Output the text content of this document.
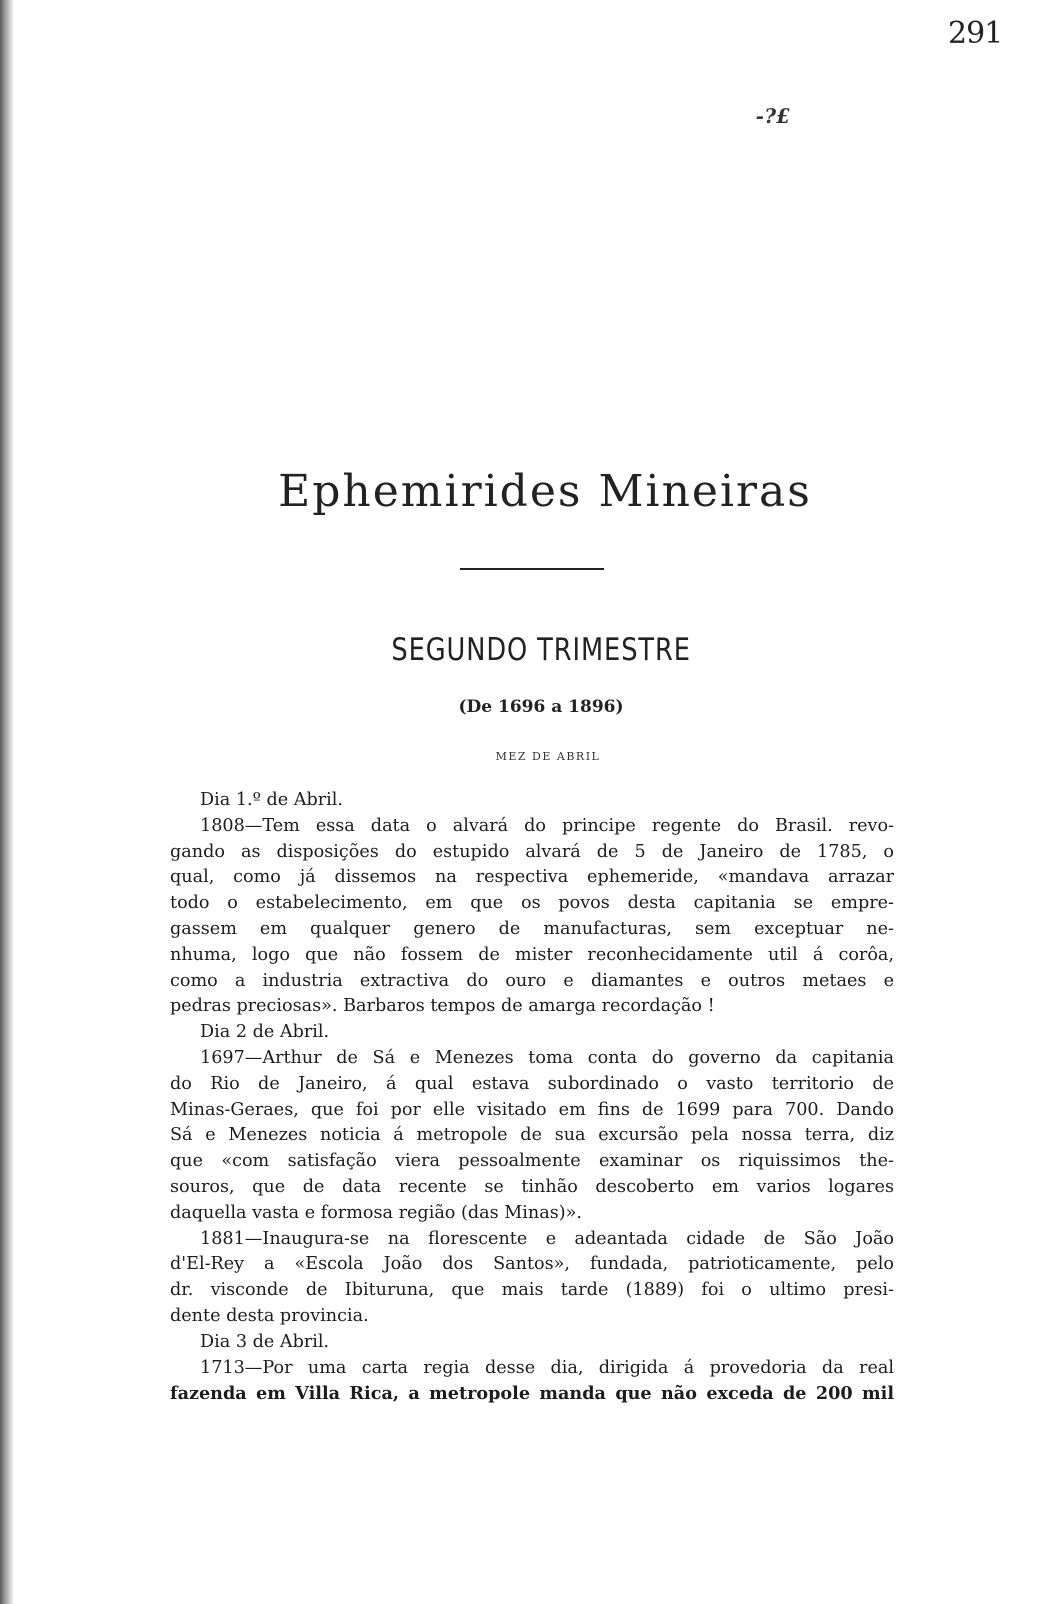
291
-?£
Ephemirides Mineiras
SEGUNDO TRIMESTRE
(De 1696 a 1896)
MEZ DE ABRIL
Dia 1.º de Abril.
1808—Tem essa data o alvará do principe regente do Brasil. revo-
gando as disposições do estupido alvará de 5 de Janeiro de 1785, o
qual, como já dissemos na respectiva ephemeride, «mandava arrazar
todo o estabelecimento, em que os povos desta capitania se empre-
gassem em qualquer genero de manufacturas, sem exceptuar ne-
nhuma, logo que não fossem de mister reconhecidamente util á corôa,
como a industria extractiva do ouro e diamantes e outros metaes e
pedras preciosas». Barbaros tempos de amarga recordação !
Dia 2 de Abril.
1697—Arthur de Sá e Menezes toma conta do governo da capitania
do Rio de Janeiro, á qual estava subordinado o vasto territorio de
Minas-Geraes, que foi por elle visitado em fins de 1699 para 700. Dando
Sá e Menezes noticia á metropole de sua excursão pela nossa terra, diz
que «com satisfação viera pessoalmente examinar os riquissimos the-
souros, que de data recente se tinhão descoberto em varios logares
daquella vasta e formosa região (das Minas)».
1881—Inaugura-se na florescente e adeantada cidade de São João
d'El-Rey a «Escola João dos Santos», fundada, patrioticamente, pelo
dr. visconde de Ibituruna, que mais tarde (1889) foi o ultimo presi-
dente desta provincia.
Dia 3 de Abril.
1713—Por uma carta regia desse dia, dirigida á provedoria da real
fazenda em Villa Rica, a metropole manda que não exceda de 200 mil
